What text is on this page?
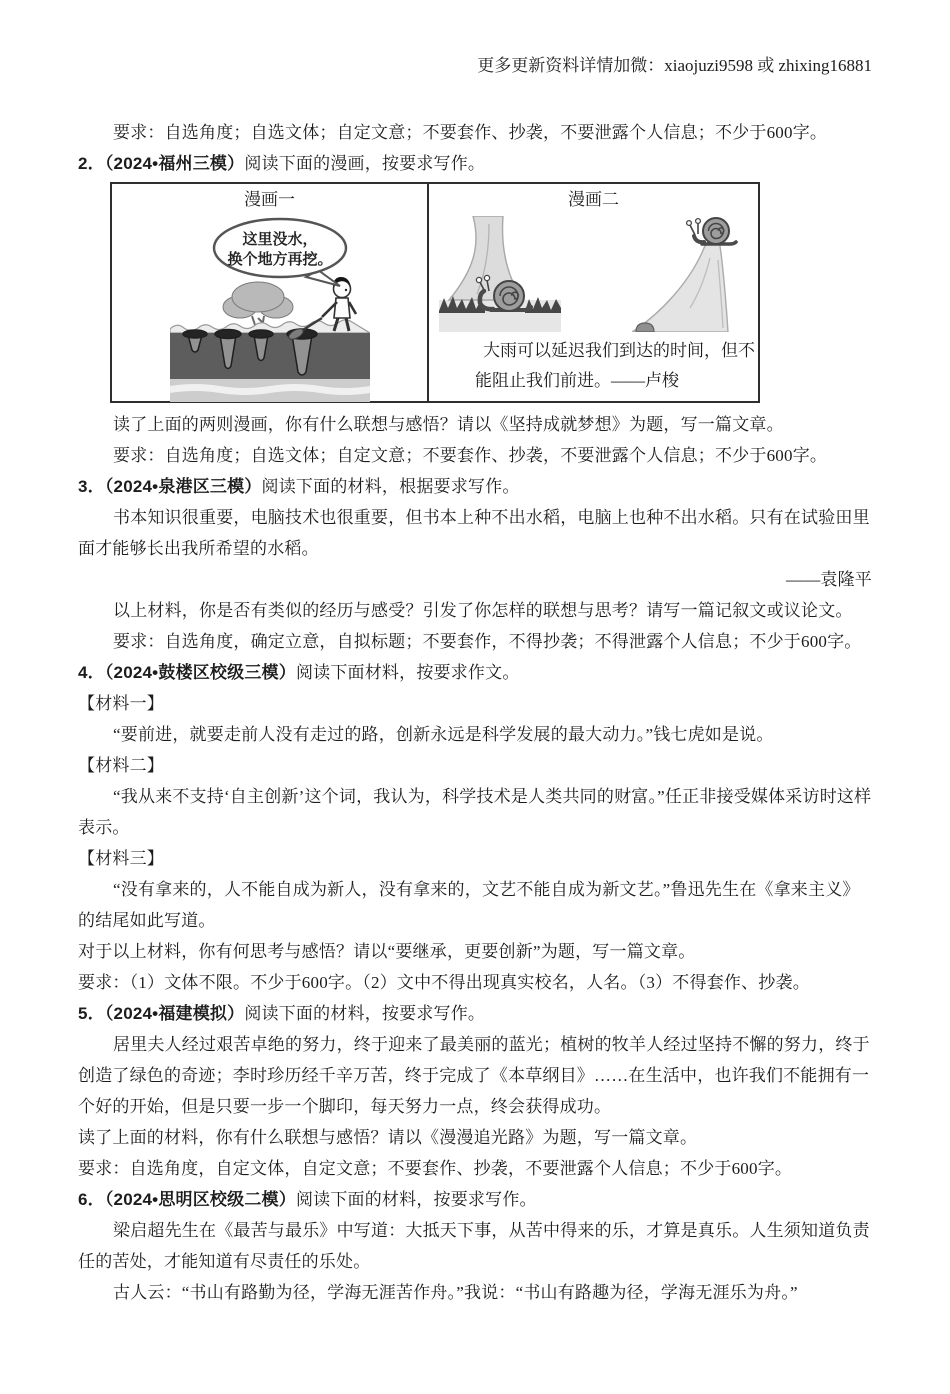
更多更新资料详情加微：xiaojuzi9598 或 zhixing16881
要求：自选角度；自选文体；自定文意；不要套作、抄袭，不要泄露个人信息；不少于600字。
2．（2024•福州三模）阅读下面的漫画，按要求写作。
漫画一
这里没水，
换个地方再挖。
漫画二
大雨可以延迟我们到达的时间，但不
能阻止我们前进。——卢梭
读了上面的两则漫画，你有什么联想与感悟？请以《坚持成就梦想》为题，写一篇文章。
要求：自选角度；自选文体；自定文意；不要套作、抄袭，不要泄露个人信息；不少于600字。
3．（2024•泉港区三模）阅读下面的材料，根据要求写作。
书本知识很重要，电脑技术也很重要，但书本上种不出水稻，电脑上也种不出水稻。只有在试验田里面才能够长出我所希望的水稻。
——袁隆平
以上材料，你是否有类似的经历与感受？引发了你怎样的联想与思考？请写一篇记叙文或议论文。
要求：自选角度，确定立意，自拟标题；不要套作，不得抄袭；不得泄露个人信息；不少于600字。
4．（2024•鼓楼区校级三模）阅读下面材料，按要求作文。
【材料一】
“要前进，就要走前人没有走过的路，创新永远是科学发展的最大动力。”钱七虎如是说。
【材料二】
“我从来不支持‘自主创新’这个词，我认为，科学技术是人类共同的财富。”任正非接受媒体采访时这样表示。
【材料三】
“没有拿来的，人不能自成为新人，没有拿来的，文艺不能自成为新文艺。”鲁迅先生在《拿来主义》的结尾如此写道。
对于以上材料，你有何思考与感悟？请以“要继承，更要创新”为题，写一篇文章。
要求：（1）文体不限。不少于600字。（2）文中不得出现真实校名，人名。（3）不得套作、抄袭。
5．（2024•福建模拟）阅读下面的材料，按要求写作。
居里夫人经过艰苦卓绝的努力，终于迎来了最美丽的蓝光；植树的牧羊人经过坚持不懈的努力，终于创造了绿色的奇迹；李时珍历经千辛万苦，终于完成了《本草纲目》……在生活中，也许我们不能拥有一个好的开始，但是只要一步一个脚印，每天努力一点，终会获得成功。
读了上面的材料，你有什么联想与感悟？请以《漫漫追光路》为题，写一篇文章。
要求：自选角度，自定文体，自定文意；不要套作、抄袭，不要泄露个人信息；不少于600字。
6．（2024•思明区校级二模）阅读下面的材料，按要求写作。
梁启超先生在《最苦与最乐》中写道：大抵天下事，从苦中得来的乐，才算是真乐。人生须知道负责任的苦处，才能知道有尽责任的乐处。
古人云：“书山有路勤为径，学海无涯苦作舟。”我说：“书山有路趣为径，学海无涯乐为舟。”
